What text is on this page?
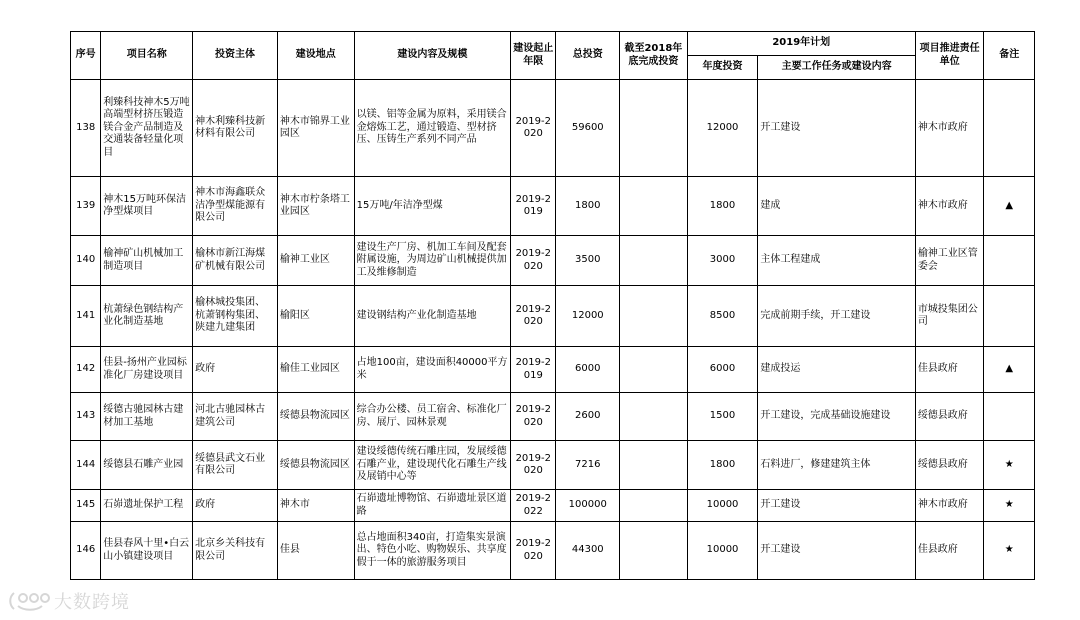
序号	项目名称	投资主体	建设地点	建设内容及规模	建设起止年限	总投资	截至2018年底完成投资	2019年计划		项目推进责任单位	备注
								年度投资	主要工作任务或建设内容		
138	利臻科技神木5万吨高端型材挤压锻造镁合金产品制造及交通装备轻量化项目	神木利臻科技新材料有限公司	神木市锦界工业园区	以镁、铝等金属为原料，采用镁合金熔炼工艺，通过锻造、型材挤压、压铸生产系列不同产品	2019-2020	59600		12000	开工建设	神木市政府	
139	神木15万吨环保洁净型煤项目	神木市海鑫联众洁净型煤能源有限公司	神木市柠条塔工业园区	15万吨/年洁净型煤	2019-2019	1800		1800	建成	神木市政府	▲
140	榆神矿山机械加工制造项目	榆林市新江海煤矿机械有限公司	榆神工业区	建设生产厂房、机加工车间及配套附属设施，为周边矿山机械提供加工及维修制造	2019-2020	3500		3000	主体工程建成	榆神工业区管委会	
141	杭萧绿色钢结构产业化制造基地	榆林城投集团、杭萧钢构集团、陕建九建集团	榆阳区	建设钢结构产业化制造基地	2019-2020	12000		8500	完成前期手续，开工建设	市城投集团公司	
142	佳县-扬州产业园标准化厂房建设项目	政府	榆佳工业园区	占地100亩，建设面积40000平方米	2019-2019	6000		6000	建成投运	佳县政府	▲
143	绥德古驰园林古建材加工基地	河北古驰园林古建筑公司	绥德县物流园区	综合办公楼、员工宿舍、标准化厂房、展厅、园林景观	2019-2020	2600		1500	开工建设，完成基础设施建设	绥德县政府	
144	绥德县石雕产业园	绥德县武文石业有限公司	绥德县物流园区	建设绥德传统石雕庄园，发展绥德石雕产业，建设现代化石雕生产线及展销中心等	2019-2020	7216		1800	石料进厂，修建建筑主体	绥德县政府	★
145	石峁遗址保护工程	政府	神木市	石峁遗址博物馆、石峁遗址景区道路	2019-2022	100000		10000	开工建设	神木市政府	★
146	佳县春风十里•白云山小镇建设项目	北京乡关科技有限公司	佳县	总占地面积340亩，打造集实景演出、特色小吃、购物娱乐、共享度假于一体的旅游服务项目	2019-2020	44300		10000	开工建设	佳县政府	★
大数跨境
